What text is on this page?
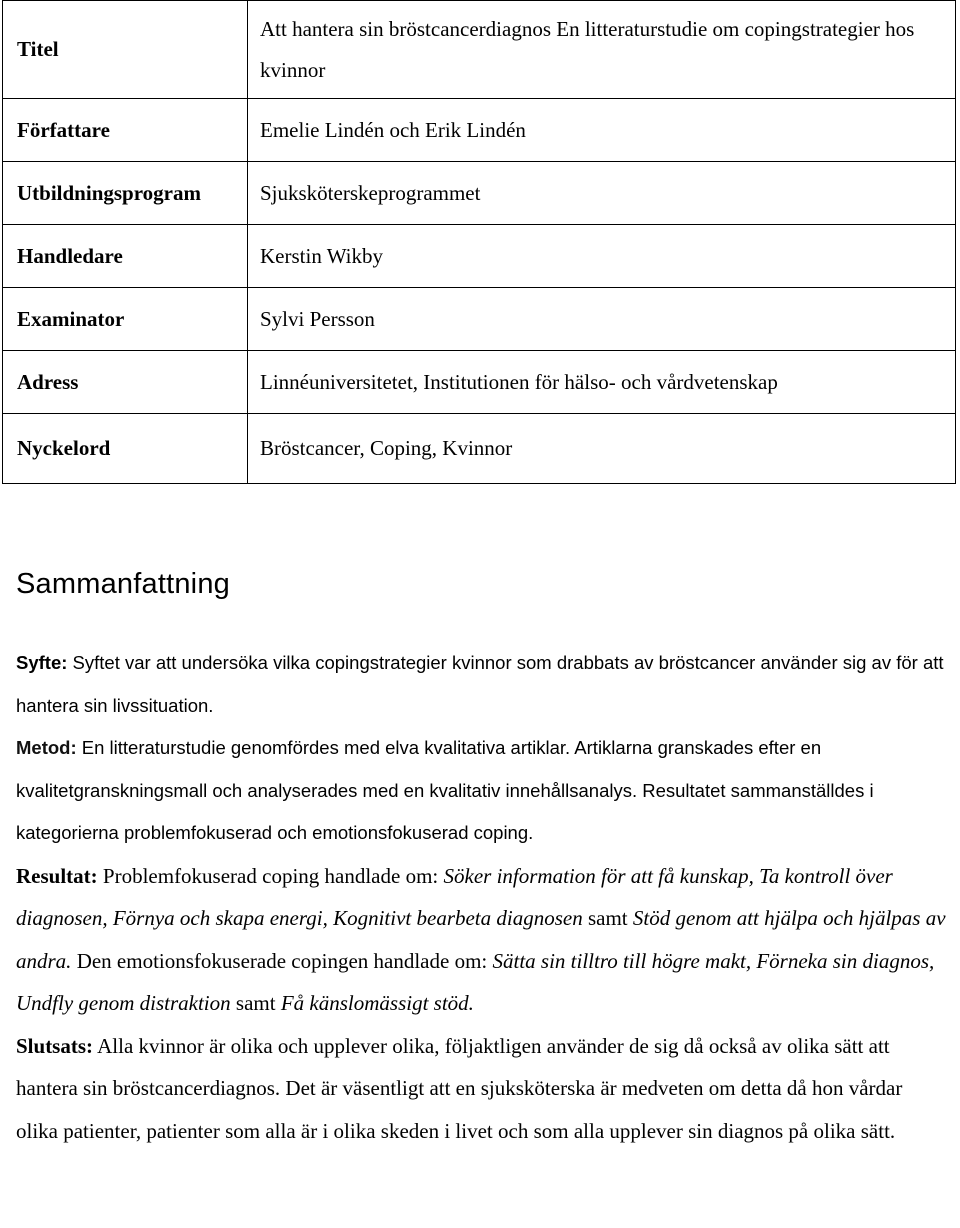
Titel	Att hantera sin bröstcancerdiagnos En litteraturstudie om copingstrategier hos kvinnor
Författare	Emelie Lindén och Erik Lindén
Utbildningsprogram	Sjuksköterskeprogrammet
Handledare	Kerstin Wikby
Examinator	Sylvi Persson
Adress	Linnéuniversitetet, Institutionen för hälso- och vårdvetenskap
Nyckelord	Bröstcancer, Coping, Kvinnor
Sammanfattning

Syfte: Syftet var att undersöka vilka copingstrategier kvinnor som drabbats av bröstcancer använder sig av för att hantera sin livssituation.

Metod: En litteraturstudie genomfördes med elva kvalitativa artiklar. Artiklarna granskades efter en kvalitetgranskningsmall och analyserades med en kvalitativ innehållsanalys. Resultatet sammanställdes i kategorierna problemfokuserad och emotionsfokuserad coping.

Resultat: Problemfokuserad coping handlade om: Söker information för att få kunskap, Ta kontroll över diagnosen, Förnya och skapa energi, Kognitivt bearbeta diagnosen samt Stöd genom att hjälpa och hjälpas av andra. Den emotionsfokuserade copingen handlade om: Sätta sin tilltro till högre makt, Förneka sin diagnos, Undfly genom distraktion samt Få känslomässigt stöd.

Slutsats: Alla kvinnor är olika och upplever olika, följaktligen använder de sig då också av olika sätt att hantera sin bröstcancerdiagnos. Det är väsentligt att en sjuksköterska är medveten om detta då hon vårdar olika patienter, patienter som alla är i olika skeden i livet och som alla upplever sin diagnos på olika sätt.
